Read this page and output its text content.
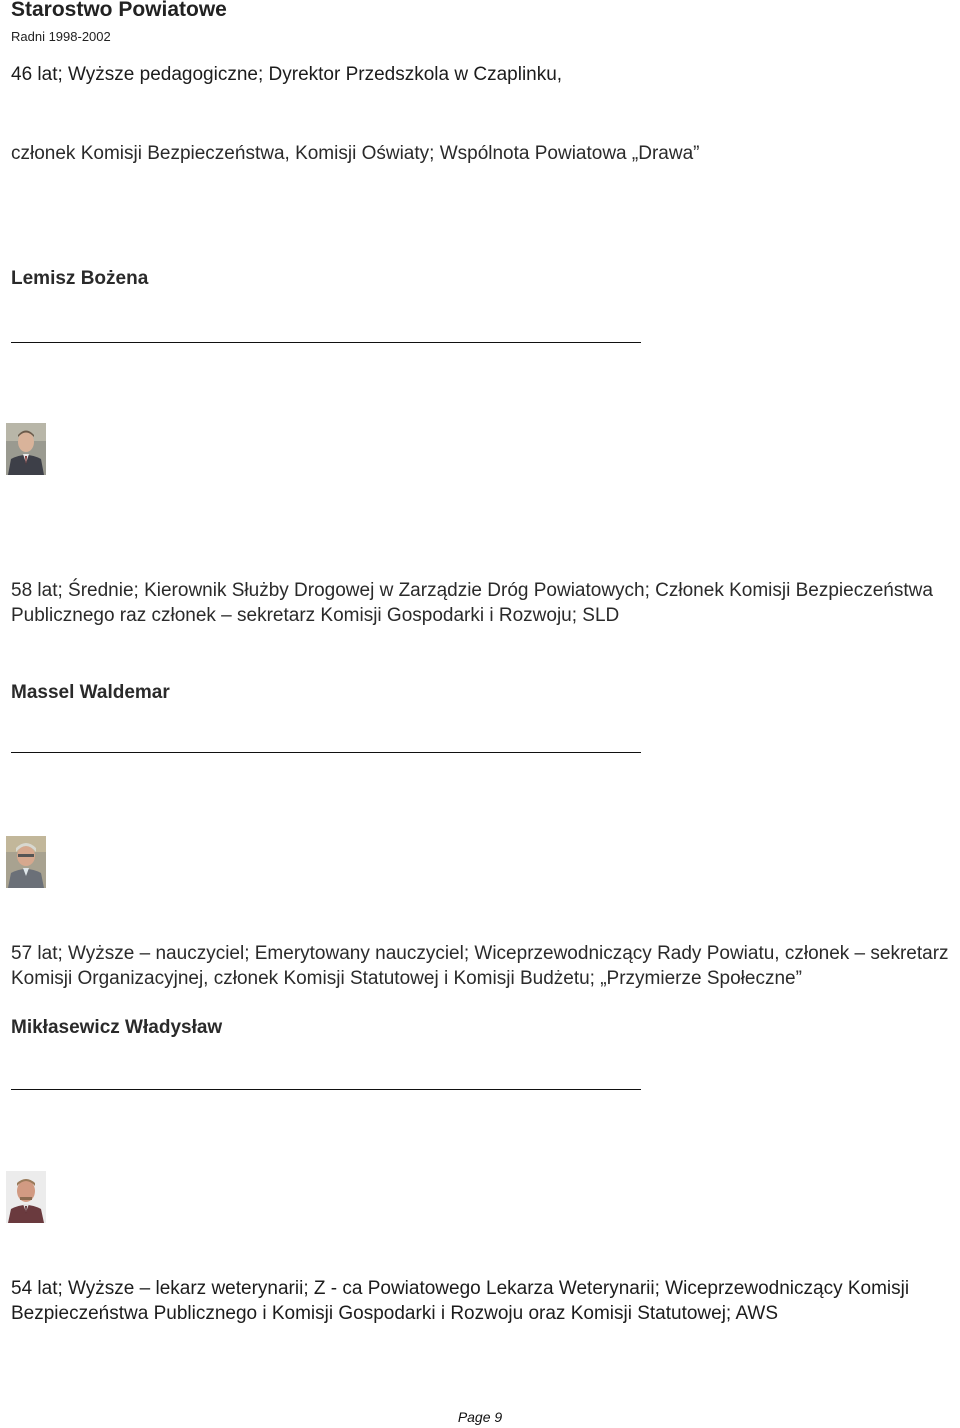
Starostwo Powiatowe
Radni 1998-2002
46 lat; Wyższe pedagogiczne; Dyrektor Przedszkola w Czaplinku,
członek Komisji Bezpieczeństwa, Komisji Oświaty; Wspólnota Powiatowa „Drawa”
Lemisz Bożena
58 lat; Średnie; Kierownik Służby Drogowej w Zarządzie Dróg Powiatowych; Członek Komisji Bezpieczeństwa Publicznego raz członek – sekretarz Komisji Gospodarki i Rozwoju; SLD
Massel Waldemar
57 lat; Wyższe – nauczyciel; Emerytowany nauczyciel; Wiceprzewodniczący Rady Powiatu, członek – sekretarz Komisji Organizacyjnej, członek Komisji Statutowej i Komisji Budżetu; „Przymierze Społeczne”
Mikłasewicz Władysław
54 lat; Wyższe – lekarz weterynarii; Z - ca Powiatowego Lekarza Weterynarii; Wiceprzewodniczący Komisji Bezpieczeństwa Publicznego i Komisji Gospodarki i Rozwoju oraz Komisji Statutowej; AWS
Page 9
